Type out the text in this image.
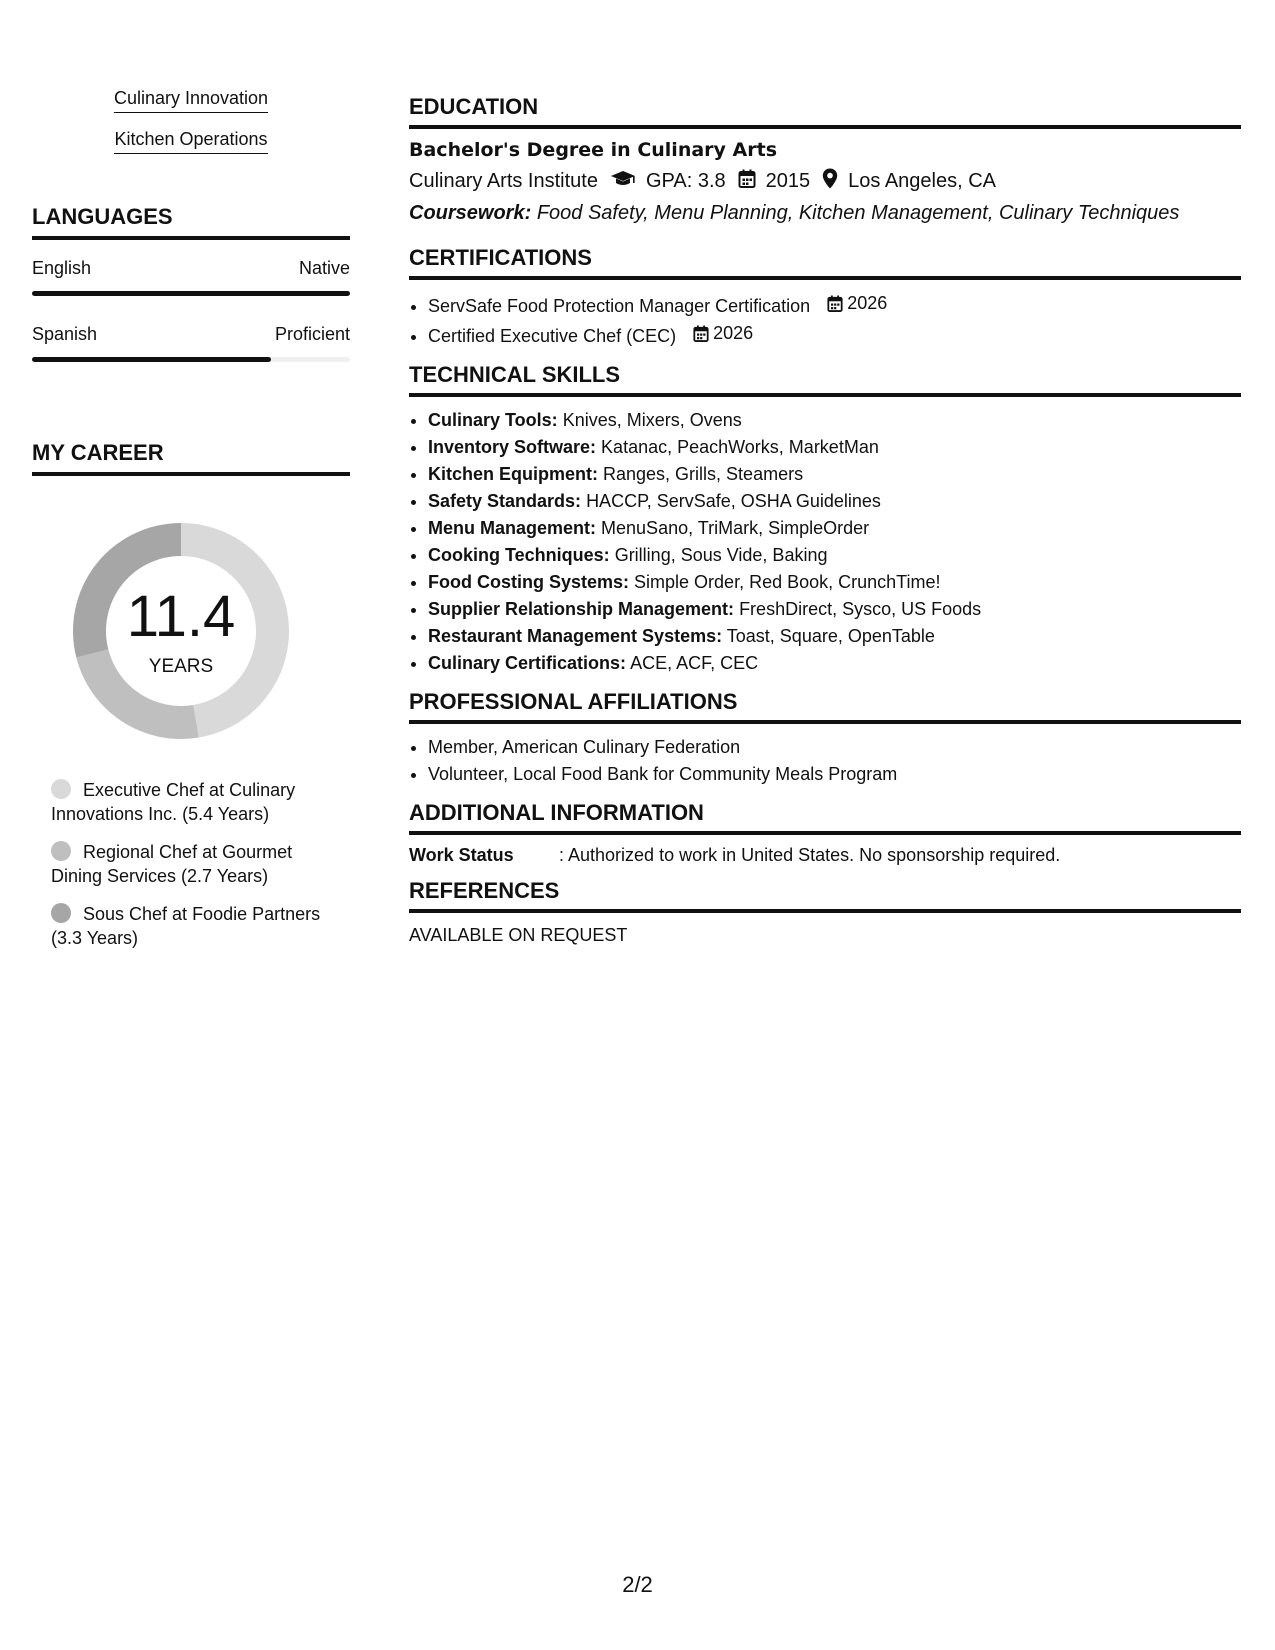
Culinary Innovation
Kitchen Operations
LANGUAGES
English	Native
Spanish	Proficient
MY CAREER
11.4
YEARS
Executive Chef at Culinary Innovations Inc. (5.4 Years)
Regional Chef at Gourmet Dining Services (2.7 Years)
Sous Chef at Foodie Partners (3.3 Years)
EDUCATION
Bachelor's Degree in Culinary Arts
Culinary Arts Institute GPA: 3.8 2015 Los Angeles, CA
Coursework: Food Safety, Menu Planning, Kitchen Management, Culinary Techniques
CERTIFICATIONS
• ServSafe Food Protection Manager Certification 2026
• Certified Executive Chef (CEC) 2026
TECHNICAL SKILLS
• Culinary Tools: Knives, Mixers, Ovens
• Inventory Software: Katanac, PeachWorks, MarketMan
• Kitchen Equipment: Ranges, Grills, Steamers
• Safety Standards: HACCP, ServSafe, OSHA Guidelines
• Menu Management: MenuSano, TriMark, SimpleOrder
• Cooking Techniques: Grilling, Sous Vide, Baking
• Food Costing Systems: Simple Order, Red Book, CrunchTime!
• Supplier Relationship Management: FreshDirect, Sysco, US Foods
• Restaurant Management Systems: Toast, Square, OpenTable
• Culinary Certifications: ACE, ACF, CEC
PROFESSIONAL AFFILIATIONS
• Member, American Culinary Federation
• Volunteer, Local Food Bank for Community Meals Program
ADDITIONAL INFORMATION
Work Status	: Authorized to work in United States. No sponsorship required.
REFERENCES
AVAILABLE ON REQUEST
2/2
